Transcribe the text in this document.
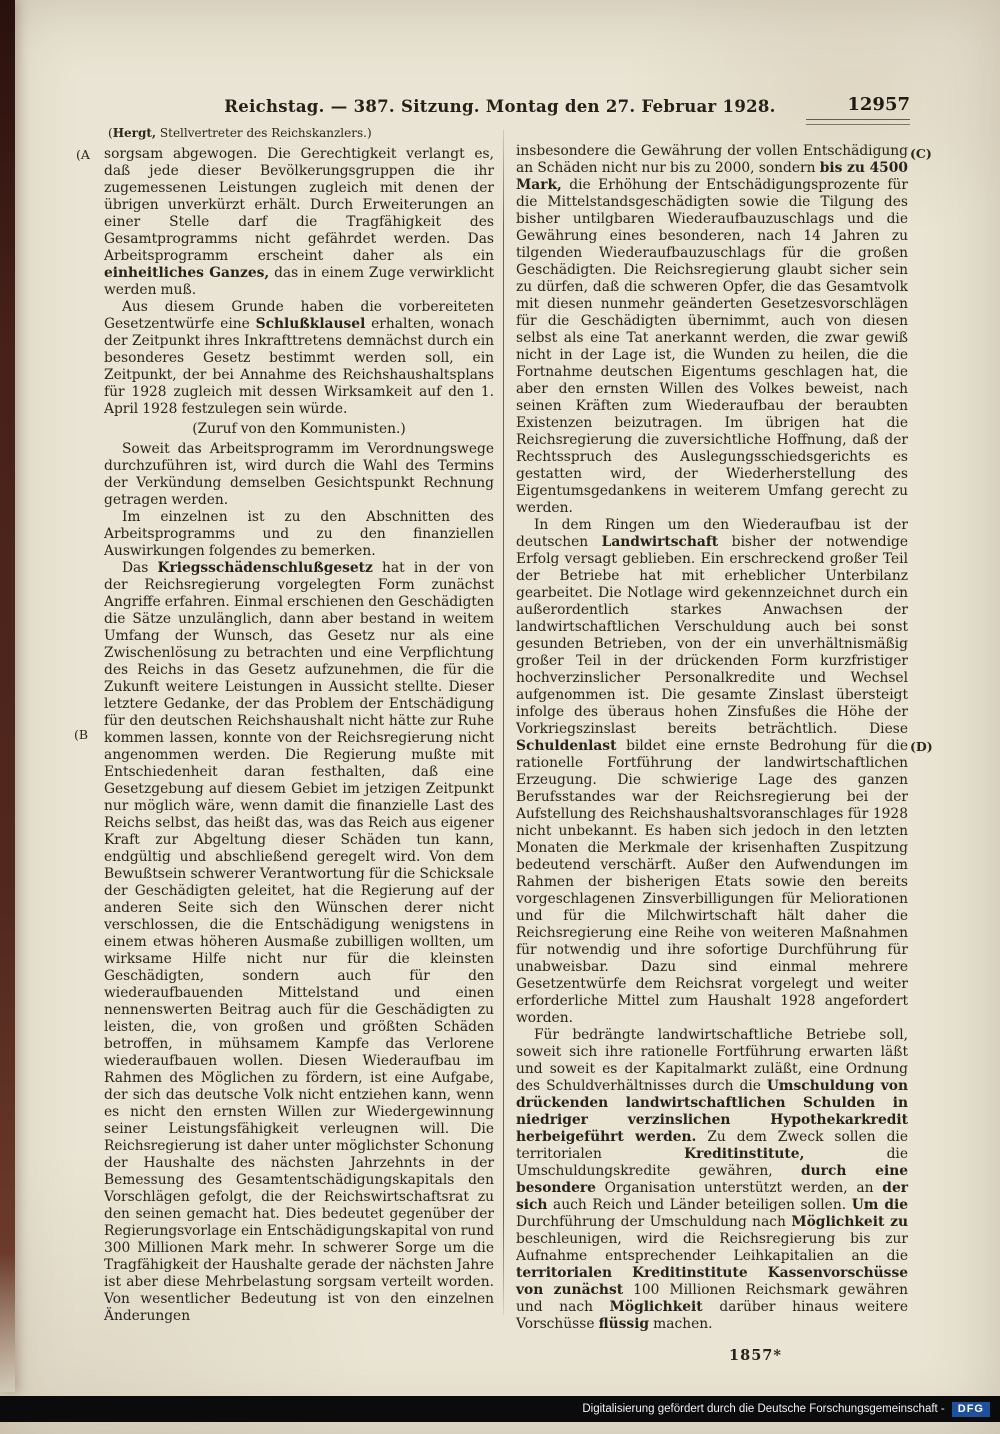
Reichstag. — 387. Sitzung. Montag den 27. Februar 1928.	12957
(A
(B
(C)
(D)
(Hergt, Stellvertreter des Reichskanzlers.)

sorgsam abgewogen. Die Gerechtigkeit verlangt es, daß jede dieser Bevölkerungsgruppen die ihr zugemessenen Leistungen zugleich mit denen der übrigen unverkürzt erhält. Durch Erweiterungen an einer Stelle darf die Tragfähigkeit des Gesamtprogramms nicht gefährdet werden. Das Arbeitsprogramm erscheint daher als ein einheitliches Ganzes, das in einem Zuge verwirklicht werden muß.

Aus diesem Grunde haben die vorbereiteten Gesetzentwürfe eine Schlußklausel erhalten, wonach der Zeitpunkt ihres Inkrafttretens demnächst durch ein besonderes Gesetz bestimmt werden soll, ein Zeitpunkt, der bei Annahme des Reichshaushaltsplans für 1928 zugleich mit dessen Wirksamkeit auf den 1. April 1928 festzulegen sein würde.

(Zuruf von den Kommunisten.)

Soweit das Arbeitsprogramm im Verordnungswege durchzuführen ist, wird durch die Wahl des Termins der Verkündung demselben Gesichtspunkt Rechnung getragen werden.

Im einzelnen ist zu den Abschnitten des Arbeitsprogramms und zu den finanziellen Auswirkungen folgendes zu bemerken.

Das Kriegsschädenschlußgesetz hat in der von der Reichsregierung vorgelegten Form zunächst Angriffe erfahren. Einmal erschienen den Geschädigten die Sätze unzulänglich, dann aber bestand in weitem Umfang der Wunsch, das Gesetz nur als eine Zwischenlösung zu betrachten und eine Verpflichtung des Reichs in das Gesetz aufzunehmen, die für die Zukunft weitere Leistungen in Aussicht stellte. Dieser letztere Gedanke, der das Problem der Entschädigung für den deutschen Reichshaushalt nicht hätte zur Ruhe kommen lassen, konnte von der Reichsregierung nicht angenommen werden. Die Regierung mußte mit Entschiedenheit daran festhalten, daß eine Gesetzgebung auf diesem Gebiet im jetzigen Zeitpunkt nur möglich wäre, wenn damit die finanzielle Last des Reichs selbst, das heißt das, was das Reich aus eigener Kraft zur Abgeltung dieser Schäden tun kann, endgültig und abschließend geregelt wird. Von dem Bewußtsein schwerer Verantwortung für die Schicksale der Geschädigten geleitet, hat die Regierung auf der anderen Seite sich den Wünschen derer nicht verschlossen, die die Entschädigung wenigstens in einem etwas höheren Ausmaße zubilligen wollten, um wirksame Hilfe nicht nur für die kleinsten Geschädigten, sondern auch für den wiederaufbauenden Mittelstand und einen nennenswerten Beitrag auch für die Geschädigten zu leisten, die, von großen und größten Schäden betroffen, in mühsamem Kampfe das Verlorene wiederaufbauen wollen. Diesen Wiederaufbau im Rahmen des Möglichen zu fördern, ist eine Aufgabe, der sich das deutsche Volk nicht entziehen kann, wenn es nicht den ernsten Willen zur Wiedergewinnung seiner Leistungsfähigkeit verleugnen will. Die Reichsregierung ist daher unter möglichster Schonung der Haushalte des nächsten Jahrzehnts in der Bemessung des Gesamtentschädigungskapitals den Vorschlägen gefolgt, die der Reichswirtschaftsrat zu den seinen gemacht hat. Dies bedeutet gegenüber der Regierungsvorlage ein Entschädigungskapital von rund 300 Millionen Mark mehr. In schwerer Sorge um die Tragfähigkeit der Haushalte gerade der nächsten Jahre ist aber diese Mehrbelastung sorgsam verteilt worden. Von wesentlicher Bedeutung ist von den einzelnen Änderungen

insbesondere die Gewährung der vollen Entschädigung an Schäden nicht nur bis zu 2000, sondern bis zu 4500 Mark, die Erhöhung der Entschädigungsprozente für die Mittelstandsgeschädigten sowie die Tilgung des bisher untilgbaren Wiederaufbauzuschlags und die Gewährung eines besonderen, nach 14 Jahren zu tilgenden Wiederaufbauzuschlags für die großen Geschädigten. Die Reichsregierung glaubt sicher sein zu dürfen, daß die schweren Opfer, die das Gesamtvolk mit diesen nunmehr geänderten Gesetzesvorschlägen für die Geschädigten übernimmt, auch von diesen selbst als eine Tat anerkannt werden, die zwar gewiß nicht in der Lage ist, die Wunden zu heilen, die die Fortnahme deutschen Eigentums geschlagen hat, die aber den ernsten Willen des Volkes beweist, nach seinen Kräften zum Wiederaufbau der beraubten Existenzen beizutragen. Im übrigen hat die Reichsregierung die zuversichtliche Hoffnung, daß der Rechtsspruch des Auslegungsschiedsgerichts es gestatten wird, der Wiederherstellung des Eigentumsgedankens in weiterem Umfang gerecht zu werden.

In dem Ringen um den Wiederaufbau ist der deutschen Landwirtschaft bisher der notwendige Erfolg versagt geblieben. Ein erschreckend großer Teil der Betriebe hat mit erheblicher Unterbilanz gearbeitet. Die Notlage wird gekennzeichnet durch ein außerordentlich starkes Anwachsen der landwirtschaftlichen Verschuldung auch bei sonst gesunden Betrieben, von der ein unverhältnismäßig großer Teil in der drückenden Form kurzfristiger hochverzinslicher Personalkredite und Wechsel aufgenommen ist. Die gesamte Zinslast übersteigt infolge des überaus hohen Zinsfußes die Höhe der Vorkriegszinslast bereits beträchtlich. Diese Schuldenlast bildet eine ernste Bedrohung für die rationelle Fortführung der landwirtschaftlichen Erzeugung. Die schwierige Lage des ganzen Berufsstandes war der Reichsregierung bei der Aufstellung des Reichshaushaltsvoranschlages für 1928 nicht unbekannt. Es haben sich jedoch in den letzten Monaten die Merkmale der krisenhaften Zuspitzung bedeutend verschärft. Außer den Aufwendungen im Rahmen der bisherigen Etats sowie den bereits vorgeschlagenen Zinsverbilligungen für Meliorationen und für die Milchwirtschaft hält daher die Reichsregierung eine Reihe von weiteren Maßnahmen für notwendig und ihre sofortige Durchführung für unabweisbar. Dazu sind einmal mehrere Gesetzentwürfe dem Reichsrat vorgelegt und weiter erforderliche Mittel zum Haushalt 1928 angefordert worden.

Für bedrängte landwirtschaftliche Betriebe soll, soweit sich ihre rationelle Fortführung erwarten läßt und soweit es der Kapitalmarkt zuläßt, eine Ordnung des Schuldverhältnisses durch die Umschuldung von drückenden landwirtschaftlichen Schulden in niedriger verzinslichen Hypothekarkredit herbeigeführt werden. Zu dem Zweck sollen die territorialen Kreditinstitute, die Umschuldungskredite gewähren, durch eine besondere Organisation unterstützt werden, an der sich auch Reich und Länder beteiligen sollen. Um die Durchführung der Umschuldung nach Möglichkeit zu beschleunigen, wird die Reichsregierung bis zur Aufnahme entsprechender Leihkapitalien an die territorialen Kreditinstitute Kassenvorschüsse von zunächst 100 Millionen Reichsmark gewähren und nach Möglichkeit darüber hinaus weitere Vorschüsse flüssig machen.

1857*
Digitalisierung gefördert durch die Deutsche Forschungsgemeinschaft -	DFG
